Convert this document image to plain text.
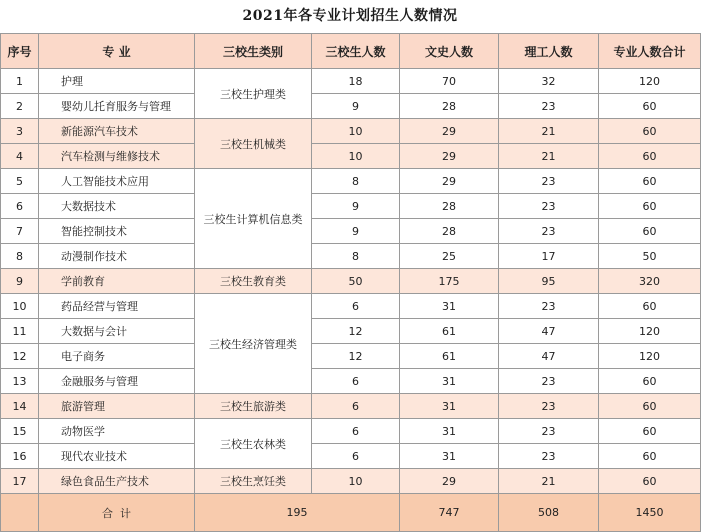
2021年各专业计划招生人数情况
序号	专 业	三校生类别	三校生人数	文史人数	理工人数	专业人数合计
1	护理	三校生护理类	18	70	32	120
2	婴幼儿托育服务与管理		9	28	23	60
3	新能源汽车技术	三校生机械类	10	29	21	60
4	汽车检测与维修技术		10	29	21	60
5	人工智能技术应用	三校生计算机信息类	8	29	23	60
6	大数据技术		9	28	23	60
7	智能控制技术		9	28	23	60
8	动漫制作技术		8	25	17	50
9	学前教育	三校生教育类	50	175	95	320
10	药品经营与管理	三校生经济管理类	6	31	23	60
11	大数据与会计		12	61	47	120
12	电子商务		12	61	47	120
13	金融服务与管理		6	31	23	60
14	旅游管理	三校生旅游类	6	31	23	60
15	动物医学	三校生农林类	6	31	23	60
16	现代农业技术		6	31	23	60
17	绿色食品生产技术	三校生烹饪类	10	29	21	60
	合  计	195		747	508	1450
